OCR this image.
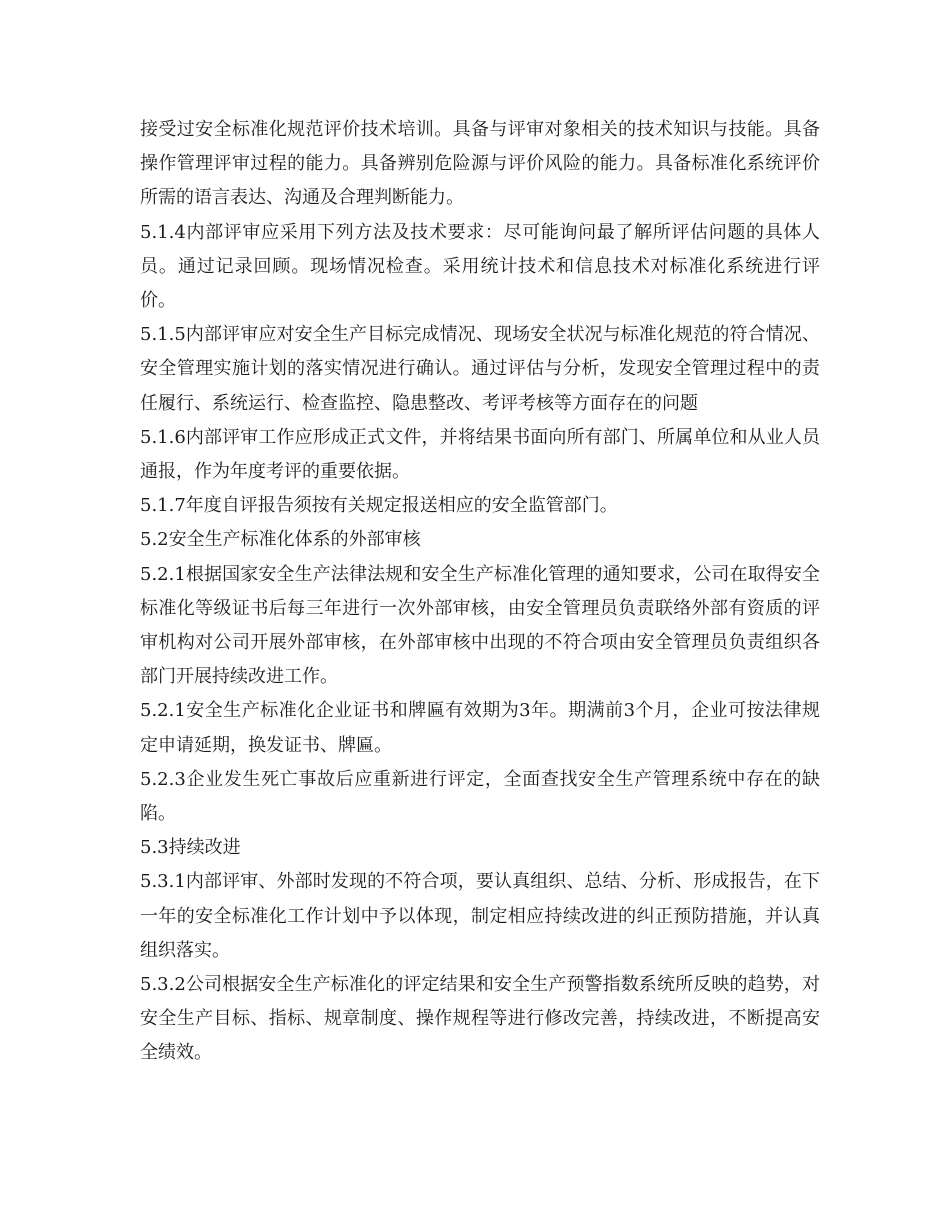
接受过安全标准化规范评价技术培训。具备与评审对象相关的技术知识与技能。具备操作管理评审过程的能力。具备辨别危险源与评价风险的能力。具备标准化系统评价所需的语言表达、沟通及合理判断能力。

5.1.4内部评审应采用下列方法及技术要求：尽可能询问最了解所评估问题的具体人员。通过记录回顾。现场情况检查。采用统计技术和信息技术对标准化系统进行评价。

5.1.5内部评审应对安全生产目标完成情况、现场安全状况与标准化规范的符合情况、安全管理实施计划的落实情况进行确认。通过评估与分析，发现安全管理过程中的责任履行、系统运行、检查监控、隐患整改、考评考核等方面存在的问题

5.1.6内部评审工作应形成正式文件，并将结果书面向所有部门、所属单位和从业人员通报，作为年度考评的重要依据。

5.1.7年度自评报告须按有关规定报送相应的安全监管部门。

5.2安全生产标准化体系的外部审核

5.2.1根据国家安全生产法律法规和安全生产标准化管理的通知要求，公司在取得安全标准化等级证书后每三年进行一次外部审核，由安全管理员负责联络外部有资质的评审机构对公司开展外部审核，在外部审核中出现的不符合项由安全管理员负责组织各部门开展持续改进工作。

5.2.1安全生产标准化企业证书和牌匾有效期为3年。期满前3个月，企业可按法律规定申请延期，换发证书、牌匾。

5.2.3企业发生死亡事故后应重新进行评定，全面查找安全生产管理系统中存在的缺陷。

5.3持续改进

5.3.1内部评审、外部时发现的不符合项，要认真组织、总结、分析、形成报告，在下一年的安全标准化工作计划中予以体现，制定相应持续改进的纠正预防措施，并认真组织落实。

5.3.2公司根据安全生产标准化的评定结果和安全生产预警指数系统所反映的趋势，对安全生产目标、指标、规章制度、操作规程等进行修改完善，持续改进，不断提高安全绩效。
